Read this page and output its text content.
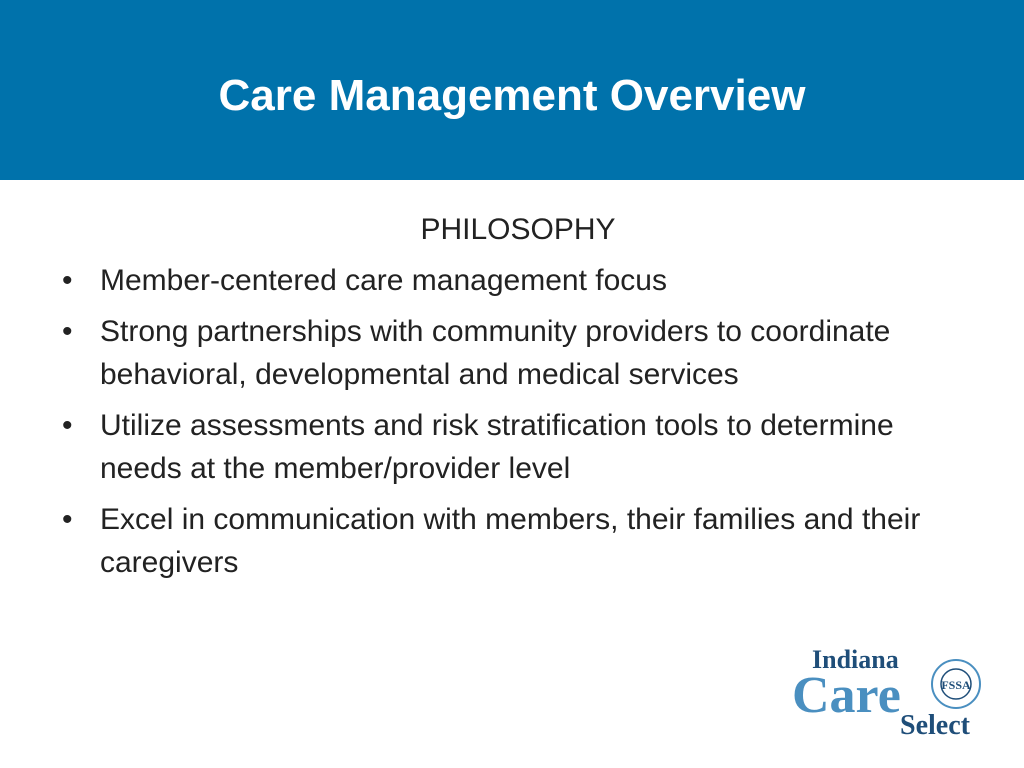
Care Management Overview
PHILOSOPHY
• Member-centered care management focus
• Strong partnerships with community providers to coordinate behavioral, developmental and medical services
• Utilize assessments and risk stratification tools to determine needs at the member/provider level
• Excel in communication with members, their families and their caregivers
Indiana
Care
Select
FSSA
